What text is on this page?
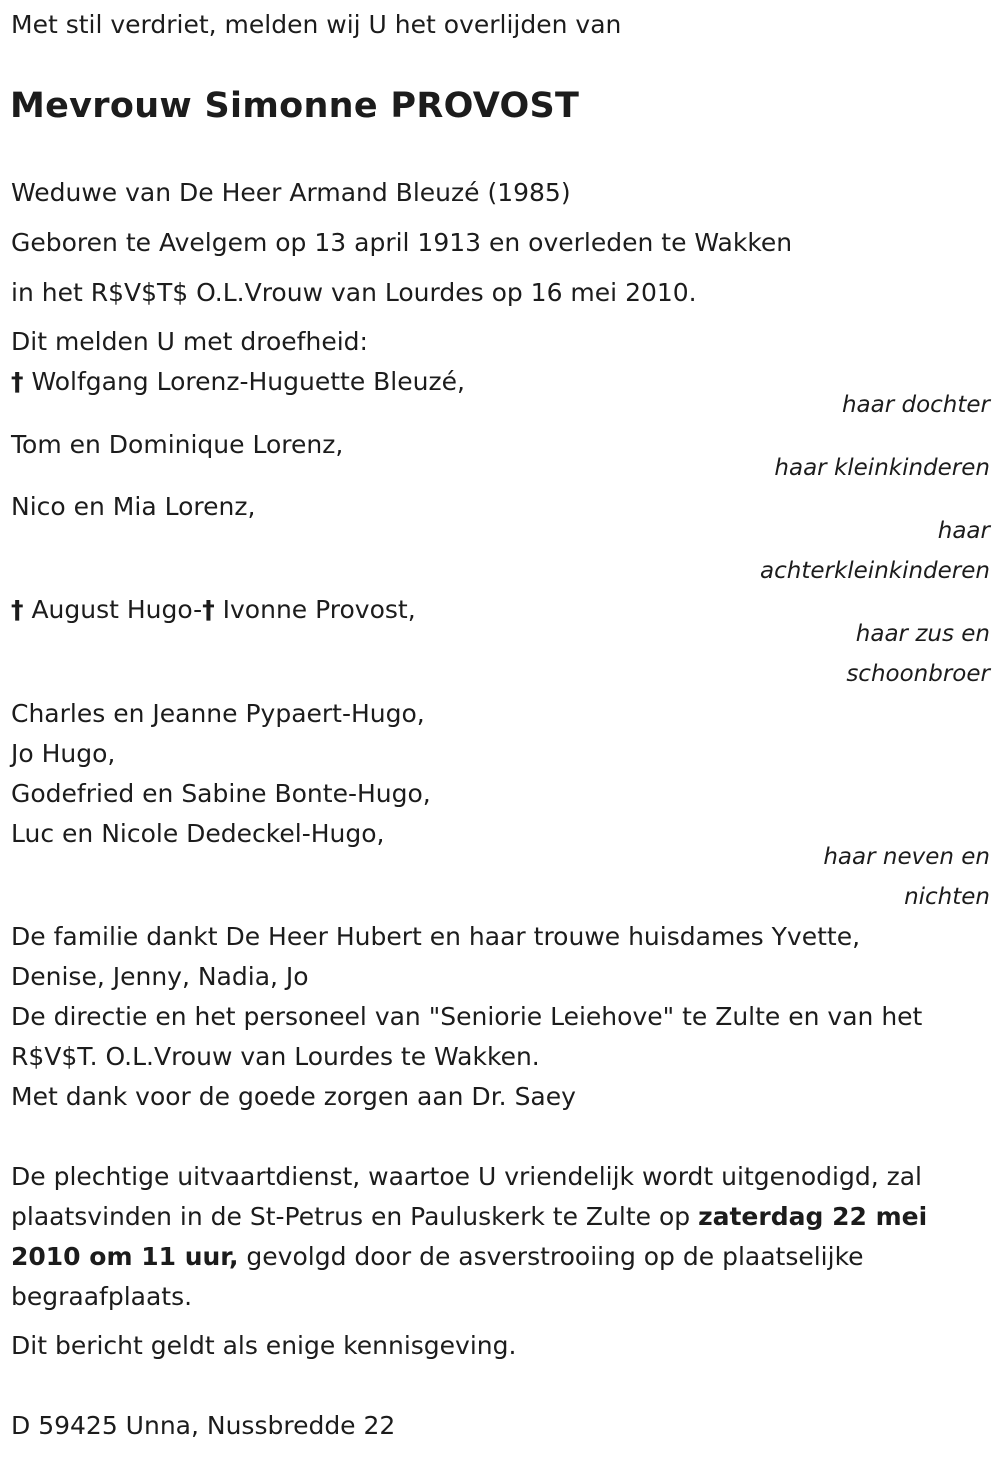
Met stil verdriet, melden wij U het overlijden van
Mevrouw Simonne PROVOST
Weduwe van De Heer Armand Bleuzé (1985)
Geboren te Avelgem op 13 april 1913 en overleden te Wakken
in het R$V$T$ O.L.Vrouw van Lourdes op 16 mei 2010.
Dit melden U met droefheid:
† Wolfgang Lorenz-Huguette Bleuzé,
haar dochter
Tom en Dominique Lorenz,
haar kleinkinderen
Nico en Mia Lorenz,
haar
achterkleinkinderen
† August Hugo-† Ivonne Provost,
haar zus en
schoonbroer
Charles en Jeanne Pypaert-Hugo,
Jo Hugo,
Godefried en Sabine Bonte-Hugo,
Luc en Nicole Dedeckel-Hugo,
haar neven en
nichten
De familie dankt De Heer Hubert en haar trouwe huisdames Yvette,
Denise, Jenny, Nadia, Jo
De directie en het personeel van "Seniorie Leiehove" te Zulte en van het
R$V$T. O.L.Vrouw van Lourdes te Wakken.
Met dank voor de goede zorgen aan Dr. Saey
De plechtige uitvaartdienst, waartoe U vriendelijk wordt uitgenodigd, zal plaatsvinden in de St-Petrus en Pauluskerk te Zulte op zaterdag 22 mei 2010 om 11 uur, gevolgd door de asverstrooiing op de plaatselijke begraafplaats.
Dit bericht geldt als enige kennisgeving.
D 59425 Unna, Nussbredde 22
